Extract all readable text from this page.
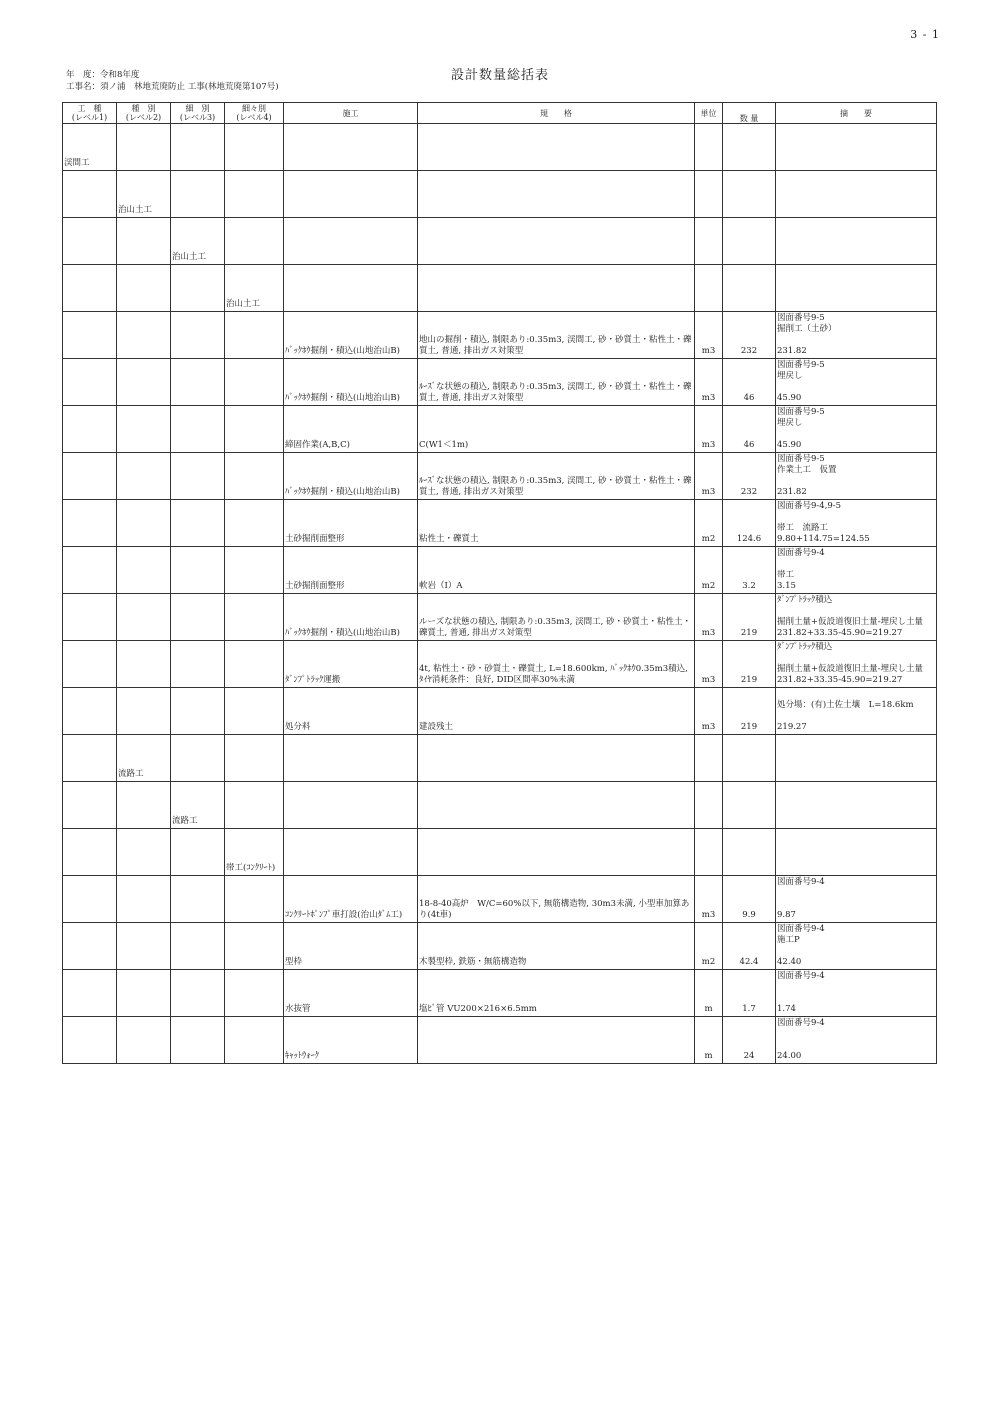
3 - 1
設計数量総括表
年　度：令和8年度
工事名：須ノ浦　林地荒廃防止 工事(林地荒廃第107号)
工　種
(レベル1)	種　別
(レベル2)	細　別
(レベル3)	細々別
(レベル4)	施工	規　　格	単位	数 量	摘　　要
渓間工								
	治山土工							
		治山土工						
			治山土工					
				ﾊﾞｯｸﾎｳ掘削・積込(山地治山B)	地山の掘削・積込, 制限あり:0.35m3, 渓間工, 砂・砂質土・粘性土・礫質土, 普通, 排出ガス対策型	m3	232	図面番号9-5
掘削工（土砂）

231.82
				ﾊﾞｯｸﾎｳ掘削・積込(山地治山B)	ﾙｰｽﾞな状態の積込, 制限あり:0.35m3, 渓間工, 砂・砂質土・粘性土・礫質土, 普通, 排出ガス対策型	m3	46	図面番号9-5
埋戻し

45.90
				締固作業(A,B,C)	C(W1＜1m)	m3	46	図面番号9-5
埋戻し

45.90
				ﾊﾞｯｸﾎｳ掘削・積込(山地治山B)	ﾙｰｽﾞな状態の積込, 制限あり:0.35m3, 渓間工, 砂・砂質土・粘性土・礫質土, 普通, 排出ガス対策型	m3	232	図面番号9-5
作業土工　仮置

231.82
				土砂掘削面整形	粘性土・礫質土	m2	124.6	図面番号9-4,9-5

帯工　流路工
9.80+114.75=124.55
				土砂掘削面整形	軟岩（Ⅰ）A	m2	3.2	図面番号9-4

帯工
3.15
				ﾊﾞｯｸﾎｳ掘削・積込(山地治山B)	ルーズな状態の積込, 制限あり:0.35m3, 渓間工, 砂・砂質土・粘性土・礫質土, 普通, 排出ガス対策型	m3	219	ﾀﾞﾝﾌﾟﾄﾗｯｸ積込

掘削土量+仮設道復旧土量-埋戻し土量
231.82+33.35-45.90=219.27
				ﾀﾞﾝﾌﾟﾄﾗｯｸ運搬	4t, 粘性土・砂・砂質土・礫質土, L=18.600km, ﾊﾞｯｸﾎｳ0.35m3積込, ﾀｲﾔ消耗条件：良好, DID区間率30%未満	m3	219	ﾀﾞﾝﾌﾟﾄﾗｯｸ積込

掘削土量+仮設道復旧土量-埋戻し土量
231.82+33.35-45.90=219.27
				処分料	建設残土	m3	219	
処分場：(有)土佐土壤　L=18.6km

219.27
	流路工							
		流路工						
			帯工(ｺﾝｸﾘｰﾄ)					
				ｺﾝｸﾘｰﾄﾎﾟﾝﾌﾟ車打設(治山ﾀﾞﾑ工)	18-8-40高炉　W/C=60%以下, 無筋構造物, 30m3未満, 小型車加算あり(4t車)	m3	9.9	図面番号9-4

9.87
				型枠	木製型枠, 鉄筋・無筋構造物	m2	42.4	図面番号9-4
施工P

42.40
				水抜管	塩ﾋﾞ管 VU200×216×6.5mm	m	1.7	図面番号9-4

1.74
				ｷｬｯﾄｳｫｰｸ		m	24	図面番号9-4

24.00
